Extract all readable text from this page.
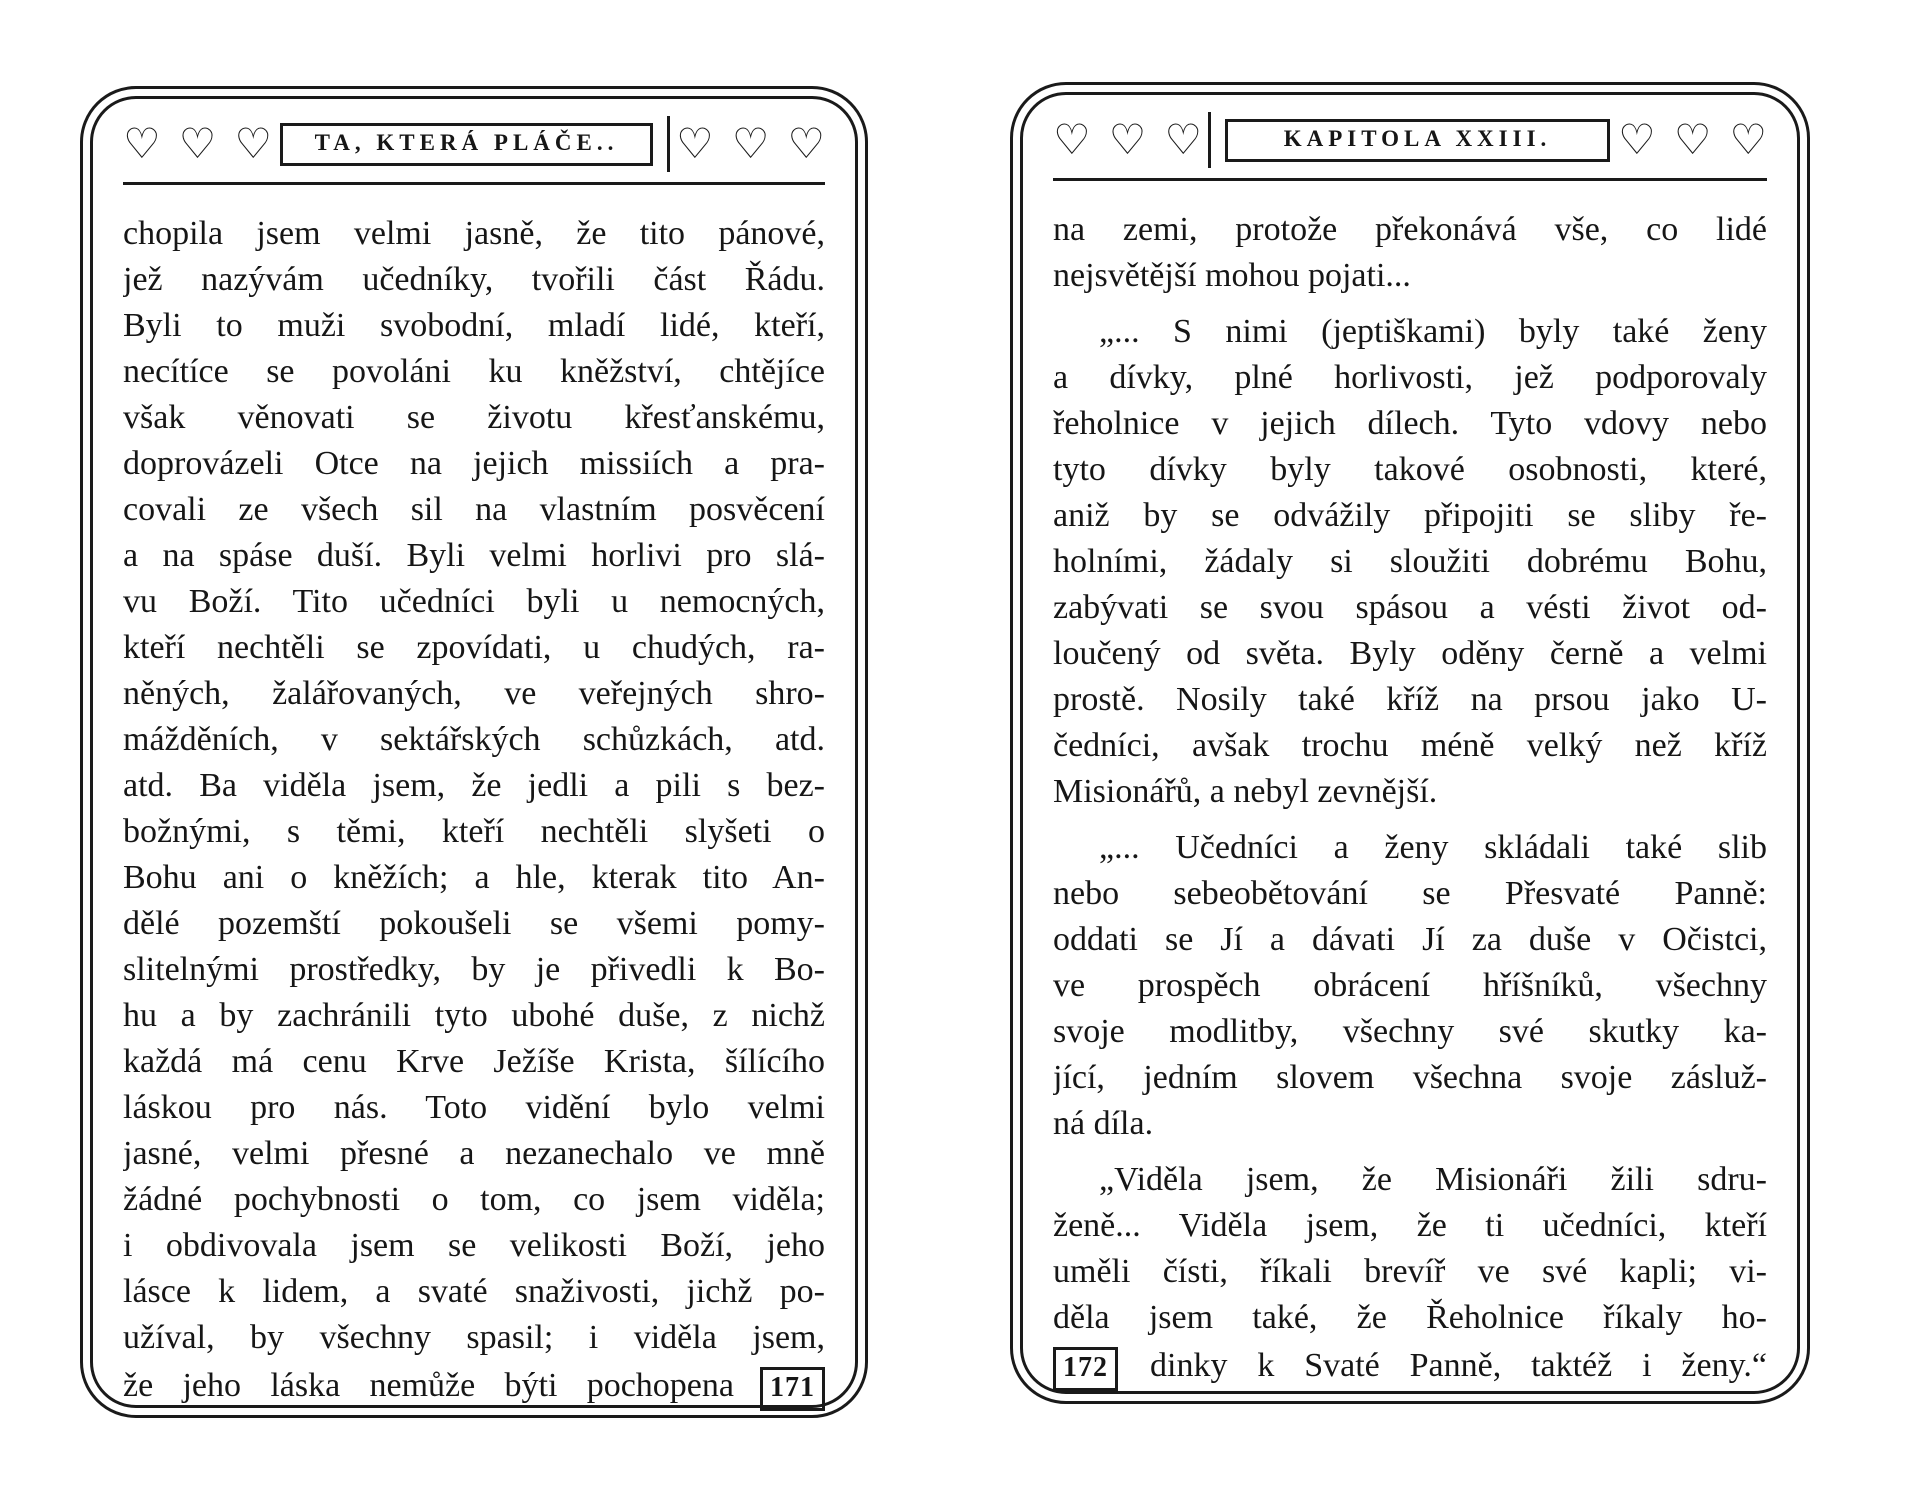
♡ ♡ ♡	TA, KTERÁ PLÁČE..	♡ ♡ ♡
chopila jsem velmi jasně, že tito pánové,
jež nazývám učedníky, tvořili část Řádu.
Byli to muži svobodní, mladí lidé, kteří,
necítíce se povoláni ku kněžství, chtějíce
však věnovati se životu křesťanskému,
doprovázeli Otce na jejich missiích a pra-
covali ze všech sil na vlastním posvěcení
a na spáse duší. Byli velmi horlivi pro slá-
vu Boží. Tito učedníci byli u nemocných,
kteří nechtěli se zpovídati, u chudých, ra-
něných, žalářovaných, ve veřejných shro-
mážděních, v sektářských schůzkách, atd.
atd. Ba viděla jsem, že jedli a pili s bez-
božnými, s těmi, kteří nechtěli slyšeti o
Bohu ani o kněžích; a hle, kterak tito An-
dělé pozemští pokoušeli se všemi pomy-
slitelnými prostředky, by je přivedli k Bo-
hu a by zachránili tyto ubohé duše, z nichž
každá má cenu Krve Ježíše Krista, šílícího
láskou pro nás. Toto vidění bylo velmi
jasné, velmi přesné a nezanechalo ve mně
žádné pochybnosti o tom, co jsem viděla;
i obdivovala jsem se velikosti Boží, jeho
lásce k lidem, a svaté snaživosti, jichž po-
užíval, by všechny spasil; i viděla jsem,
že jeho láska nemůže býti pochopena	171
♡ ♡ ♡	KAPITOLA XXIII.	♡ ♡ ♡
na zemi, protože překonává vše, co lidé
nejsvětější mohou pojati...
„... S nimi (jeptiškami) byly také ženy
a dívky, plné horlivosti, jež podporovaly
řeholnice v jejich dílech. Tyto vdovy nebo
tyto dívky byly takové osobnosti, které,
aniž by se odvážily připojiti se sliby ře-
holními, žádaly si sloužiti dobrému Bohu,
zabývati se svou spásou a vésti život od-
loučený od světa. Byly oděny černě a velmi
prostě. Nosily také kříž na prsou jako U-
čedníci, avšak trochu méně velký než kříž
Misionářů, a nebyl zevnější.
„... Učedníci a ženy skládali také slib
nebo sebeobětování se Přesvaté Panně:
oddati se Jí a dávati Jí za duše v Očistci,
ve prospěch obrácení hříšníků, všechny
svoje modlitby, všechny své skutky ka-
jící, jedním slovem všechna svoje zásluž-
ná díla.
„Viděla jsem, že Misionáři žili sdru-
ženě... Viděla jsem, že ti učedníci, kteří
uměli čísti, říkali brevíř ve své kapli; vi-
děla jsem také, že Řeholnice říkaly ho-
172 dinky k Svaté Panně, taktéž i ženy.“
